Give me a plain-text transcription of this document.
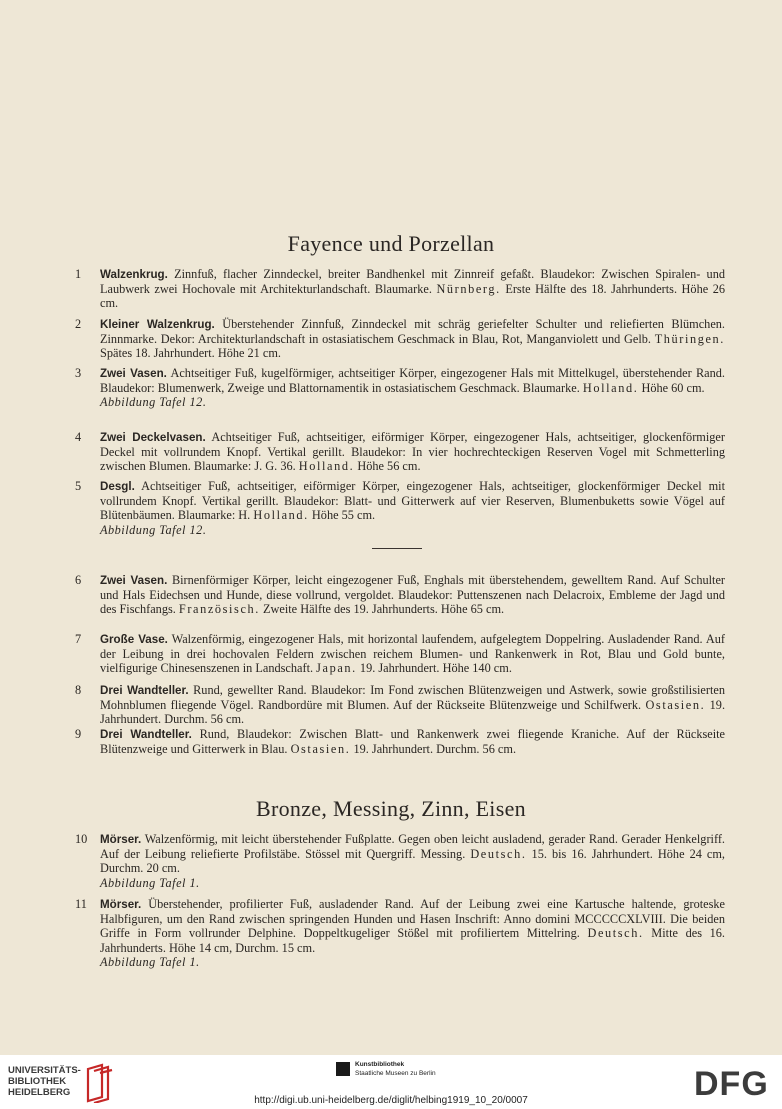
Fayence und Porzellan
1	Walzenkrug. Zinnfuß, flacher Zinndeckel, breiter Bandhenkel mit Zinnreif gefaßt. Blaudekor: Zwischen Spiralen- und Laubwerk zwei Hochovale mit Architekturlandschaft. Blaumarke. Nürnberg. Erste Hälfte des 18. Jahrhunderts. Höhe 26 cm.
2	Kleiner Walzenkrug. Überstehender Zinnfuß, Zinndeckel mit schräg geriefelter Schulter und reliefierten Blümchen. Zinnmarke. Dekor: Architekturlandschaft in ostasiatischem Geschmack in Blau, Rot, Manganviolett und Gelb. Thüringen. Spätes 18. Jahrhundert. Höhe 21 cm.
3	Zwei Vasen. Achtseitiger Fuß, kugelförmiger, achtseitiger Körper, eingezogener Hals mit Mittelkugel, überstehender Rand. Blaudekor: Blumenwerk, Zweige und Blattornamentik in ostasiatischem Geschmack. Blaumarke. Holland. Höhe 60 cm.
Abbildung Tafel 12.
4	Zwei Deckelvasen. Achtseitiger Fuß, achtseitiger, eiförmiger Körper, eingezogener Hals, achtseitiger, glockenförmiger Deckel mit vollrundem Knopf. Vertikal gerillt. Blaudekor: In vier hochrechteckigen Reserven Vogel mit Schmetterling zwischen Blumen. Blaumarke: J. G. 36. Holland. Höhe 56 cm.
5	Desgl. Achtseitiger Fuß, achtseitiger, eiförmiger Körper, eingezogener Hals, achtseitiger, glockenförmiger Deckel mit vollrundem Knopf. Vertikal gerillt. Blaudekor: Blatt- und Gitterwerk auf vier Reserven, Blumenbuketts sowie Vögel auf Blütenbäumen. Blaumarke: H. Holland. Höhe 55 cm.
Abbildung Tafel 12.
6	Zwei Vasen. Birnenförmiger Körper, leicht eingezogener Fuß, Enghals mit überstehendem, gewelltem Rand. Auf Schulter und Hals Eidechsen und Hunde, diese vollrund, vergoldet. Blaudekor: Puttenszenen nach Delacroix, Embleme der Jagd und des Fischfangs. Französisch. Zweite Hälfte des 19. Jahrhunderts. Höhe 65 cm.
7	Große Vase. Walzenförmig, eingezogener Hals, mit horizontal laufendem, aufgelegtem Doppelring. Ausladender Rand. Auf der Leibung in drei hochovalen Feldern zwischen reichem Blumen- und Rankenwerk in Rot, Blau und Gold bunte, vielfigurige Chinesenszenen in Landschaft. Japan. 19. Jahrhundert. Höhe 140 cm.
8	Drei Wandteller. Rund, gewellter Rand. Blaudekor: Im Fond zwischen Blütenzweigen und Astwerk, sowie großstilisierten Mohnblumen fliegende Vögel. Randbordüre mit Blumen. Auf der Rückseite Blütenzweige und Schilfwerk. Ostasien. 19. Jahrhundert. Durchm. 56 cm.
9	Drei Wandteller. Rund, Blaudekor: Zwischen Blatt- und Rankenwerk zwei fliegende Kraniche. Auf der Rückseite Blütenzweige und Gitterwerk in Blau. Ostasien. 19. Jahrhundert. Durchm. 56 cm.
Bronze, Messing, Zinn, Eisen
10	Mörser. Walzenförmig, mit leicht überstehender Fußplatte. Gegen oben leicht ausladend, gerader Rand. Gerader Henkelgriff. Auf der Leibung reliefierte Profilstäbe. Stössel mit Quergriff. Messing. Deutsch. 15. bis 16. Jahrhundert. Höhe 24 cm, Durchm. 20 cm.
Abbildung Tafel 1.
11	Mörser. Überstehender, profilierter Fuß, ausladender Rand. Auf der Leibung zwei eine Kartusche haltende, groteske Halbfiguren, um den Rand zwischen springenden Hunden und Hasen Inschrift: Anno domini MCCCCCXLVIII. Die beiden Griffe in Form vollrunder Delphine. Doppeltkugeliger Stößel mit profiliertem Mittelring. Deutsch. Mitte des 16. Jahrhunderts. Höhe 14 cm, Durchm. 15 cm.
Abbildung Tafel 1.
UNIVERSITÄTS-
BIBLIOTHEK
HEIDELBERG
Kunstbibliothek
Staatliche Museen zu Berlin	DFG
http://digi.ub.uni-heidelberg.de/diglit/helbing1919_10_20/0007
